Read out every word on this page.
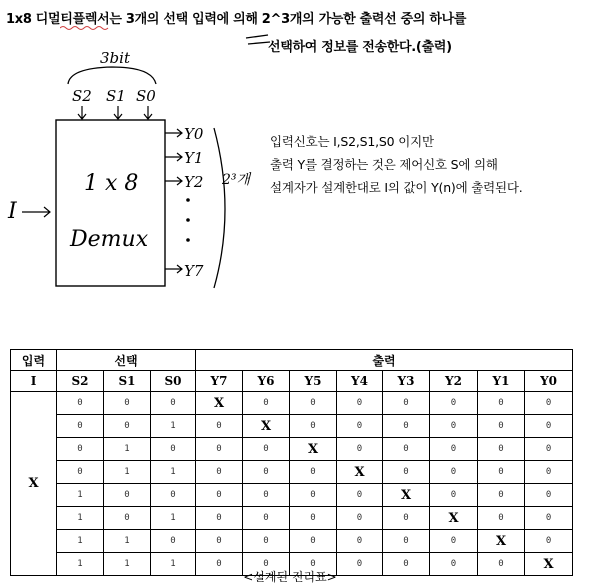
1x8 디멀티플렉서는 3개의 선택 입력에 의해 2^3개의 가능한 출력선 중의 하나를
선택하여 정보를 전송한다.(출력)
3bit
S2 S1 S0
1 x 8
Demux
I
Y0
Y1
Y2
Y7
2³개
입력신호는 I,S2,S1,S0 이지만
출력 Y를 결정하는 것은 제어신호 S에 의해
설계자가 설계한대로 I의 값이 Y(n)에 출력된다.
입력	선택			출력							
I	S2	S1	S0	Y7	Y6	Y5	Y4	Y3	Y2	Y1	Y0
X	0	0	0	X	0	0	0	0	0	0	0
	0	0	1	0	X	0	0	0	0	0	0
	0	1	0	0	0	X	0	0	0	0	0
	0	1	1	0	0	0	X	0	0	0	0
	1	0	0	0	0	0	0	X	0	0	0
	1	0	1	0	0	0	0	0	X	0	0
	1	1	0	0	0	0	0	0	0	X	0
	1	1	1	0	0	0	0	0	0	0	X
<설계된 진리표>
